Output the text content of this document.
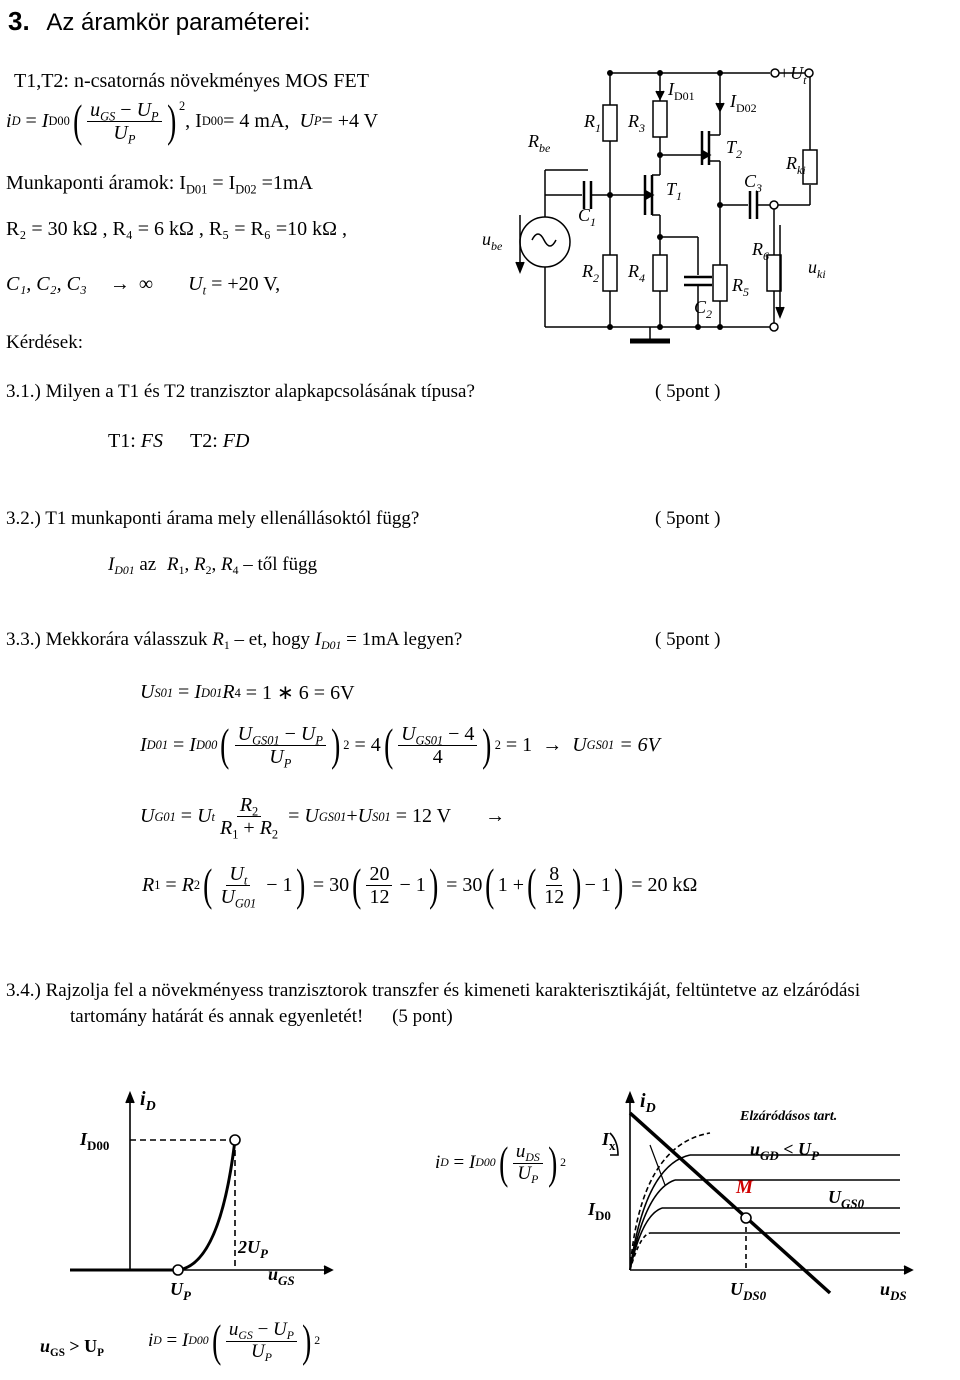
3. Az áramkör paraméterei:
T1,T2: n-csatornás növekményes MOS FET
i D = I D00 ( $\frac{u_{GS} - U_P}{U_P}$ ) 2
, I D00 = 4 mA,
U P = +4 V
Munkaponti áramok: $I_{D01} = I_{D02} =1mA$
R₂ = 30 kΩ , R₄ = 6 kΩ , R₅ = R₆ =10 kΩ ,
C₁, C₂, C₃ → ∞ $U_t = +20$ V,
$R_{be}$
$u_{be}$
$R_1$
$R_2$
$R_3$
$R_4$	$R_5$
$R_6$
$R_{ki}$
$u_{ki}$
$C_1$
$C_2$
$C_3$
$T_1$
$T_2$
$I_{D01}$ $I_{D02}$
$+U_t$
Kérdések:
3.1.) Milyen a T1 és T2 tranzisztor alapkapcsolásának típusa?	( 5pont )
T1: FS T2: FD
3.2.) T1 munkaponti árama mely ellenállásoktól függ?	( 5pont )
$I_{D01}$ az $R_1$, $R_2$, $R_4$ – től függ
3.3.) Mekkorára válasszuk $R_1$ – et, hogy $I_{D01} = 1mA$ legyen?	( 5pont )
U S01 = I D01 R 4
= 1 ∗ 6 = 6V
I D01 = I D00 ( $\frac{U_{GS01} - U_P}{U_P}$ ) 2
= 4 ( $\frac{U_{GS01} - 4}{4}$ ) 2
= 1
→
U GS01
= 6V
U G01 = U t $\frac{R_2}{R_1 + R_2} = U$ GS01 + U S01
= 12 V →
R 1 = R 2 ( $\frac{U_t}{U_{G01}} - 1$ )
= 30 ( $\frac{20}{12} - 1$ )
= 30 ( 1 + ( $\frac{8}{12}$ ) − 1 )
= 20 kΩ
3.4.) Rajzolja fel a növekményess tranzisztorok transzfer és kimeneti karakterisztikáját, feltüntetve az elzáródási
tartomány határát és annak egyenletét! (5 pont)
$i_D$
$I_{D00}$
$U_P$
$2U_P$
$u_{GS}$
$u_{GS} > U_P$
i D = I D00 ( $\frac{u_{GS} - U_P}{U_P}$ ) 2
i D = I D00 ( $\frac{u_{DS}}{U_P}$ ) 2
$i_D$
$I_x$
$I_{D0}$
Elzáródásos tart.
$u_{GD} < U_P$
M	$U_{GS0}$
$U_{DS0}$	$u_{DS}$
